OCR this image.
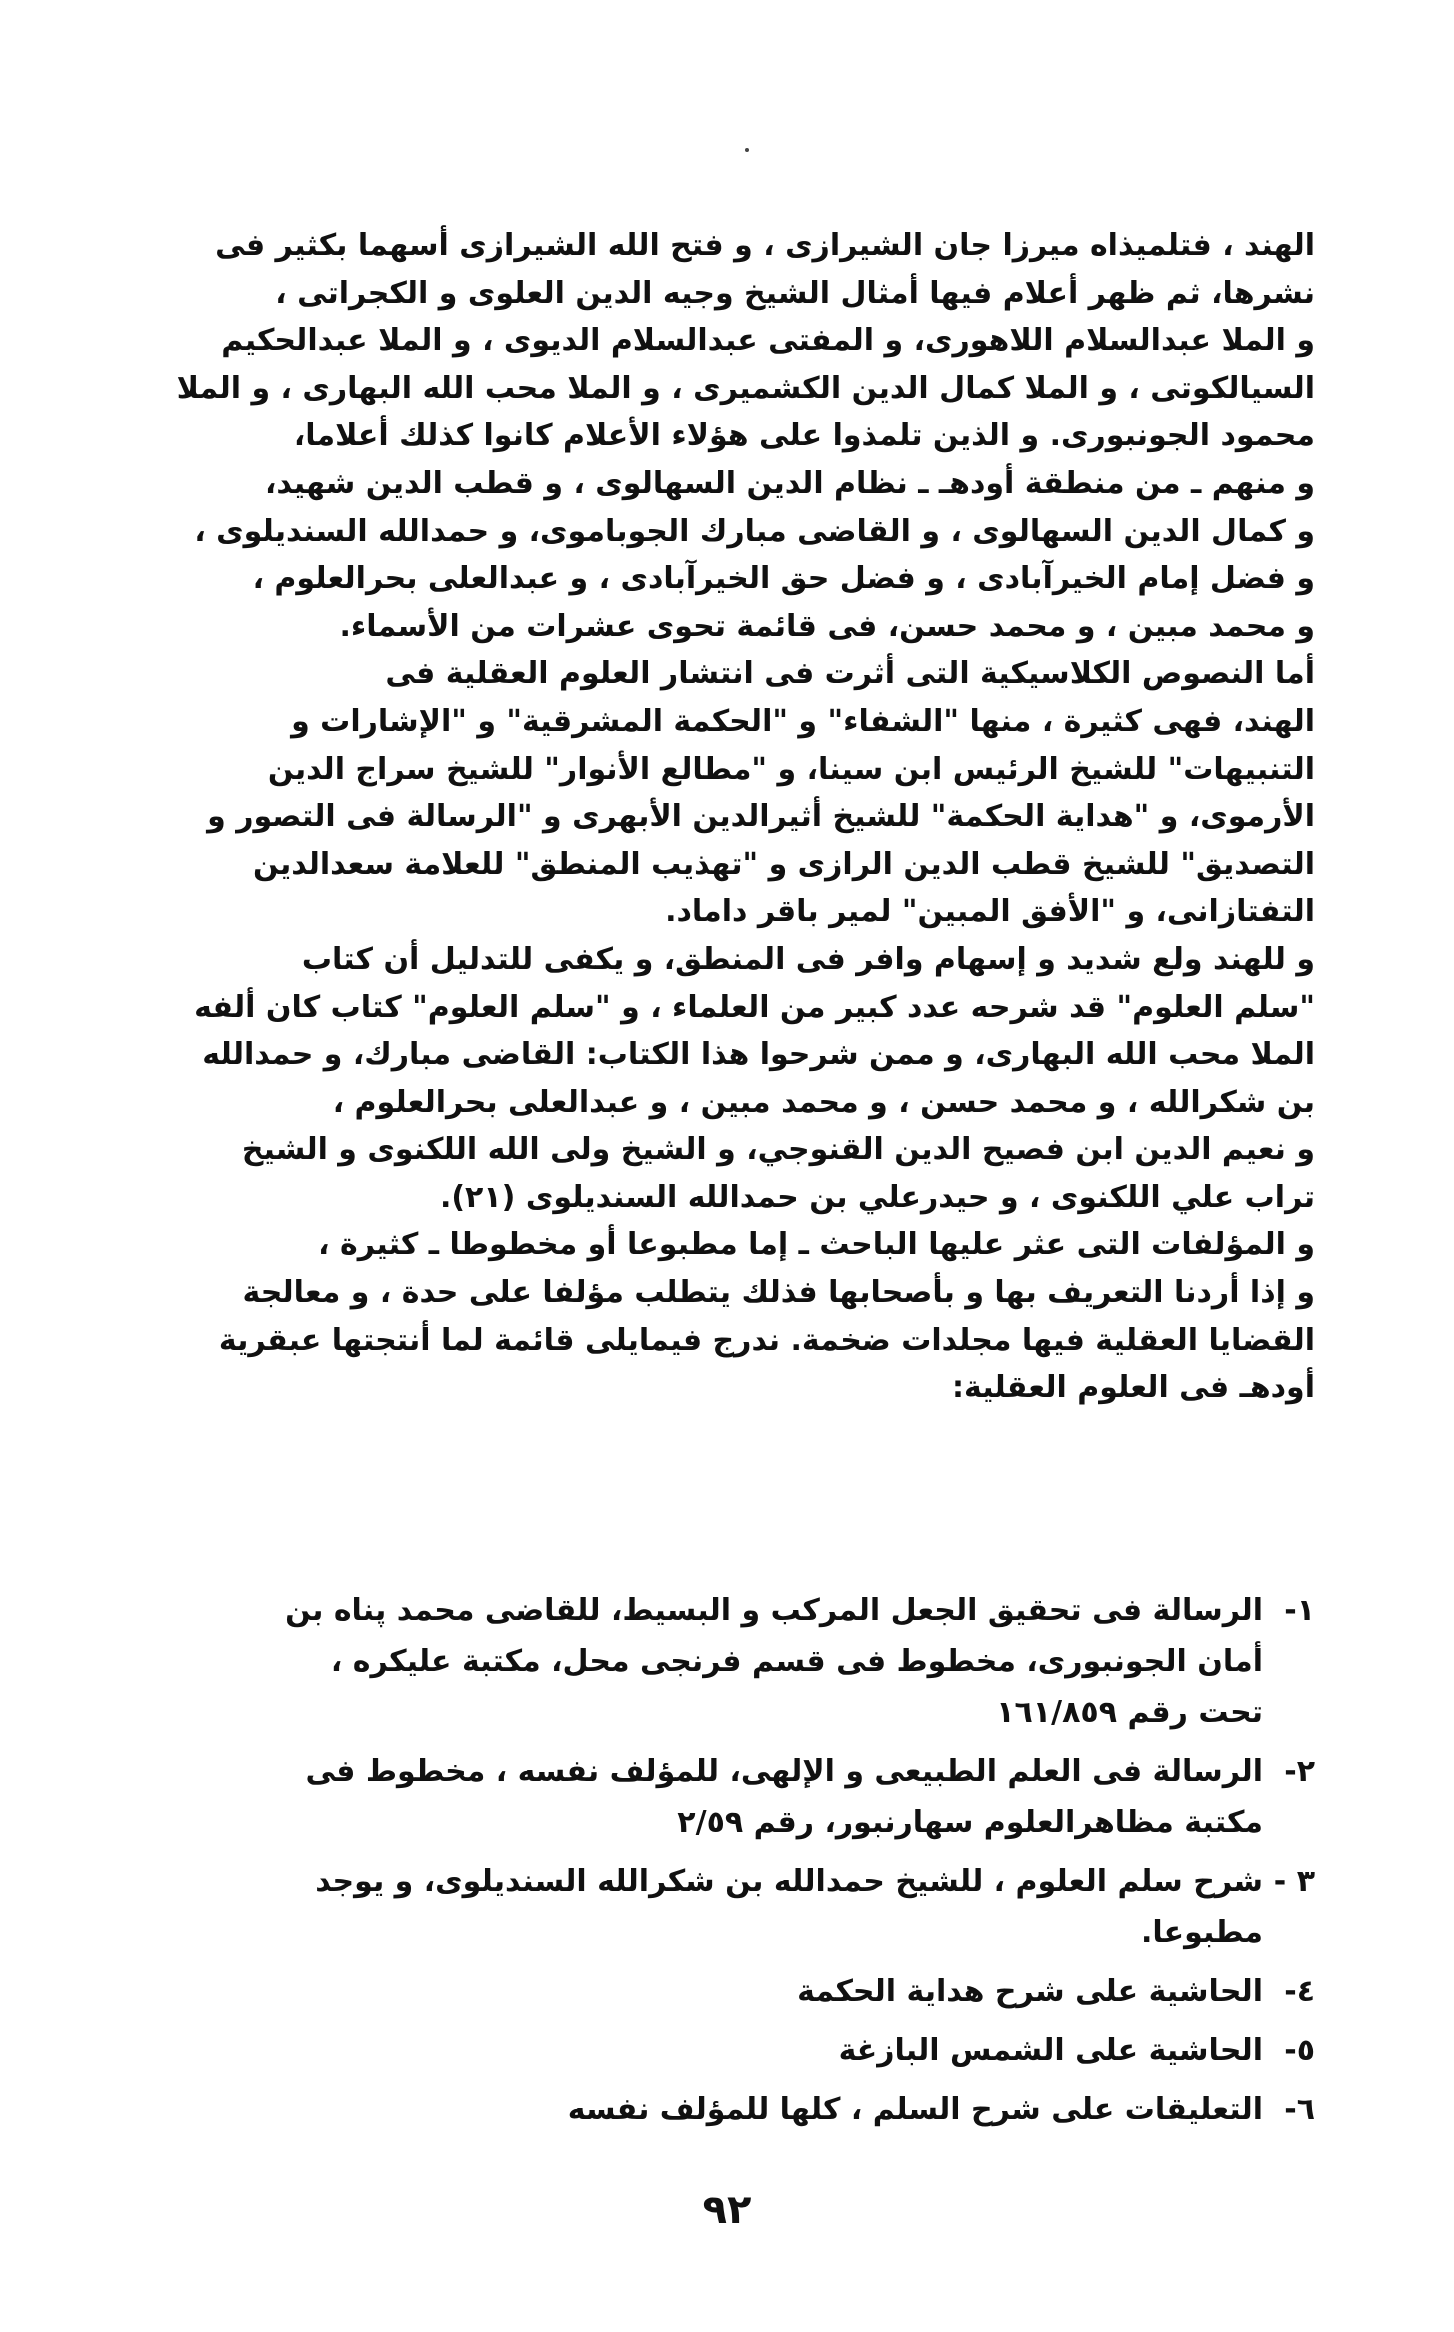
الهند ، فتلميذاه ميرزا جان الشيرازى ، و فتح الله الشيرازى أسهما بكثير فى
نشرها، ثم ظهر أعلام فيها أمثال الشيخ وجيه الدين العلوى و الكجراتى ،
و الملا عبدالسلام اللاهورى، و المفتى عبدالسلام الديوى ، و الملا عبدالحكيم
السيالكوتى ، و الملا كمال الدين الكشميرى ، و الملا محب الله البهارى ، و الملا
محمود الجونبورى. و الذين تلمذوا على هؤلاء الأعلام كانوا كذلك أعلاما،
و منهم ـ من منطقة أودهـ ـ نظام الدين السهالوى ، و قطب الدين شهيد،
و كمال الدين السهالوى ، و القاضى مبارك الجوباموى، و حمدالله السنديلوى ،
و فضل إمام الخيرآبادى ، و فضل حق الخيرآبادى ، و عبدالعلى بحرالعلوم ،
و محمد مبين ، و محمد حسن، فى قائمة تحوى عشرات من الأسماء.
أما النصوص الكلاسيكية التى أثرت فى انتشار العلوم العقلية فى
الهند، فهى كثيرة ، منها "الشفاء" و "الحكمة المشرقية" و "الإشارات و
التنبيهات" للشيخ الرئيس ابن سينا، و "مطالع الأنوار" للشيخ سراج الدين
الأرموى، و "هداية الحكمة" للشيخ أثيرالدين الأبهرى و "الرسالة فى التصور و
التصديق" للشيخ قطب الدين الرازى و "تهذيب المنطق" للعلامة سعدالدين
التفتازانى، و "الأفق المبين" لمير باقر داماد.
و للهند ولع شديد و إسهام وافر فى المنطق، و يكفى للتدليل أن كتاب
"سلم العلوم" قد شرحه عدد كبير من العلماء ، و "سلم العلوم" كتاب كان ألفه
الملا محب الله البهارى، و ممن شرحوا هذا الكتاب: القاضى مبارك، و حمدالله
بن شكرالله ، و محمد حسن ، و محمد مبين ، و عبدالعلى بحرالعلوم ،
و نعيم الدين ابن فصيح الدين القنوجي، و الشيخ ولى الله اللكنوى و الشيخ
تراب علي اللكنوى ، و حيدرعلي بن حمدالله السنديلوى (٢١).
و المؤلفات التى عثر عليها الباحث ـ إما مطبوعا أو مخطوطا ـ كثيرة ،
و إذا أردنا التعريف بها و بأصحابها فذلك يتطلب مؤلفا على حدة ، و معالجة
القضايا العقلية فيها مجلدات ضخمة. ندرج فيمايلى قائمة لما أنتجتها عبقرية
أودهـ فى العلوم العقلية:
١-
الرسالة فى تحقيق الجعل المركب و البسيط، للقاضى محمد پناه بن
أمان الجونبورى، مخطوط فى قسم فرنجى محل، مكتبة عليكره ،
تحت رقم ١٦١/٨٥٩
٢-
الرسالة فى العلم الطبيعى و الإلهى، للمؤلف نفسه ، مخطوط فى
مكتبة مظاهرالعلوم سهارنبور، رقم ٢/٥٩
٣ -
شرح سلم العلوم ، للشيخ حمدالله بن شكرالله السنديلوى، و يوجد
مطبوعا.
٤-
الحاشية على شرح هداية الحكمة
٥-
الحاشية على الشمس البازغة
٦-
التعليقات على شرح السلم ، كلها للمؤلف نفسه
٩٢
